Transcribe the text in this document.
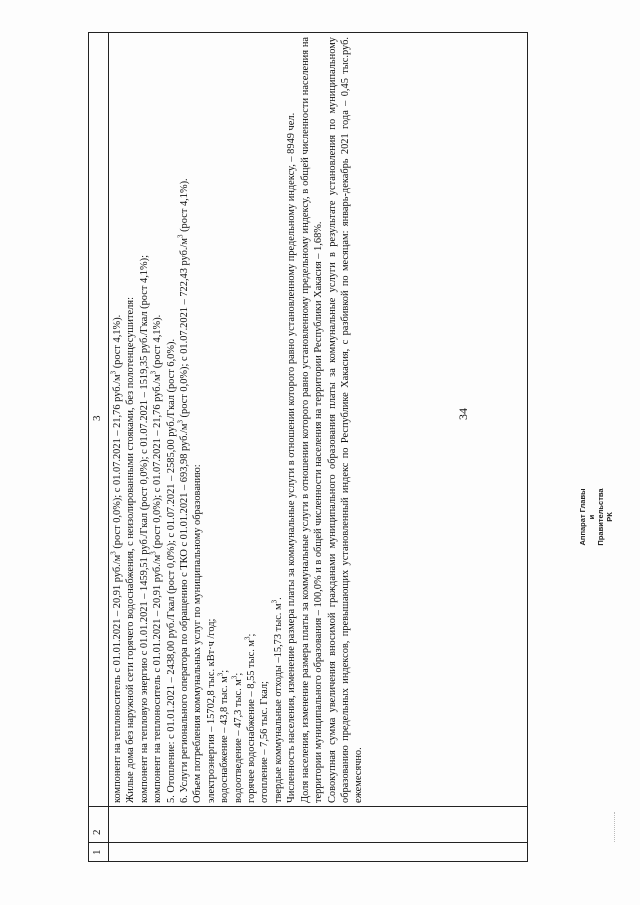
1
2
3

компонент на теплоноситель с 01.01.2021 – 20,91 $руб./м^3$ (рост 0,0%); с 01.07.2021 – 21,76 $руб./м^3$ (рост 4,1%). Жилые дома без наружной сети горячего водоснабжения, с неизолированными стояками, без полотенцесушителя: компонент на тепловую энергию с 01.01.2021 – 1459,51 руб./Гкал (рост 0,0%); с 01.07.2021 – 1519,35 руб./Гкал (рост 4,1%); компонент на теплоноситель с 01.01.2021 – 20,91 $руб./м^3$ (рост 0,0%); с 01.07.2021 – 21,76 $руб./м^3$ (рост 4,1%). 5. Отопление: с 01.01.2021 – 2438,00 руб./Гкал (рост 0,0%); с 01.07.2021 – 2585,00 руб./Гкал (рост 6,0%). 6. Услуги регионального оператора по обращению с ТКО с 01.01.2021 – 693,98 $руб./м^3$ (рост 0,0%); с 01.07.2021 – 722,43 $руб./м^3$ (рост 4,1%).

Объем потребления коммунальных услуг по муниципальному образованию: электроэнергия – 15702,8 тыс. кВт·ч /год; водоснабжение – 43,8 тыс. $м^3$;

водоотведение – 47,3 тыс. $м^3$; горячее водоснабжение – 8,55 тыс. $м^3$;

отопление – 7,56 тыс. Гкал; твердые коммунальные отходы –15,73 тыс. $м^3$. Численность населения, изменение размера платы за коммунальные услуги в отношении которого равно установленному предельному индексу, – 8949 чел. Доля населения, изменение размера платы за коммунальные услуги в отношении которого равно установленному предельному индексу, в общей численности населения на территории муниципального образования – 100,0% и в общей численности населения на территории Республики Хакасия – 1,68%. Совокупная сумма увеличения вносимой гражданами муниципального образования платы за коммунальные услуги в результате установления по муниципальному образованию предельных индексов, превышающих установленный индекс по Республике Хакасия, с разбивкой по месяцам: январь-декабрь 2021 года – 0,45 тыс.руб. ежемесячно.

34
Аппарат Главы и Правительства РК
